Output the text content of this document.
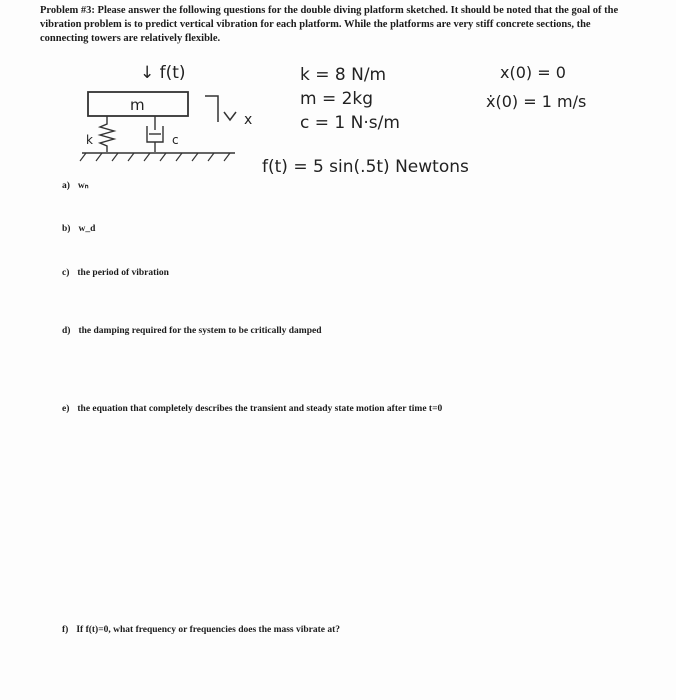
Problem #3: Please answer the following questions for the double diving platform sketched. It should be noted that the goal of the vibration problem is to predict vertical vibration for each platform. While the platforms are very stiff concrete sections, the connecting towers are relatively flexible.
↓ f(t)
m
x
k	c
k = 8 N/m
m = 2kg
c = 1 N·s/m
x(0) = 0
ẋ(0) = 1 m/s
f(t) = 5 sin(.5t) Newtons
a) wₙ
b) w_d
c) the period of vibration
d) the damping required for the system to be critically damped
e) the equation that completely describes the transient and steady state motion after time t=0
f) If f(t)=0, what frequency or frequencies does the mass vibrate at?
